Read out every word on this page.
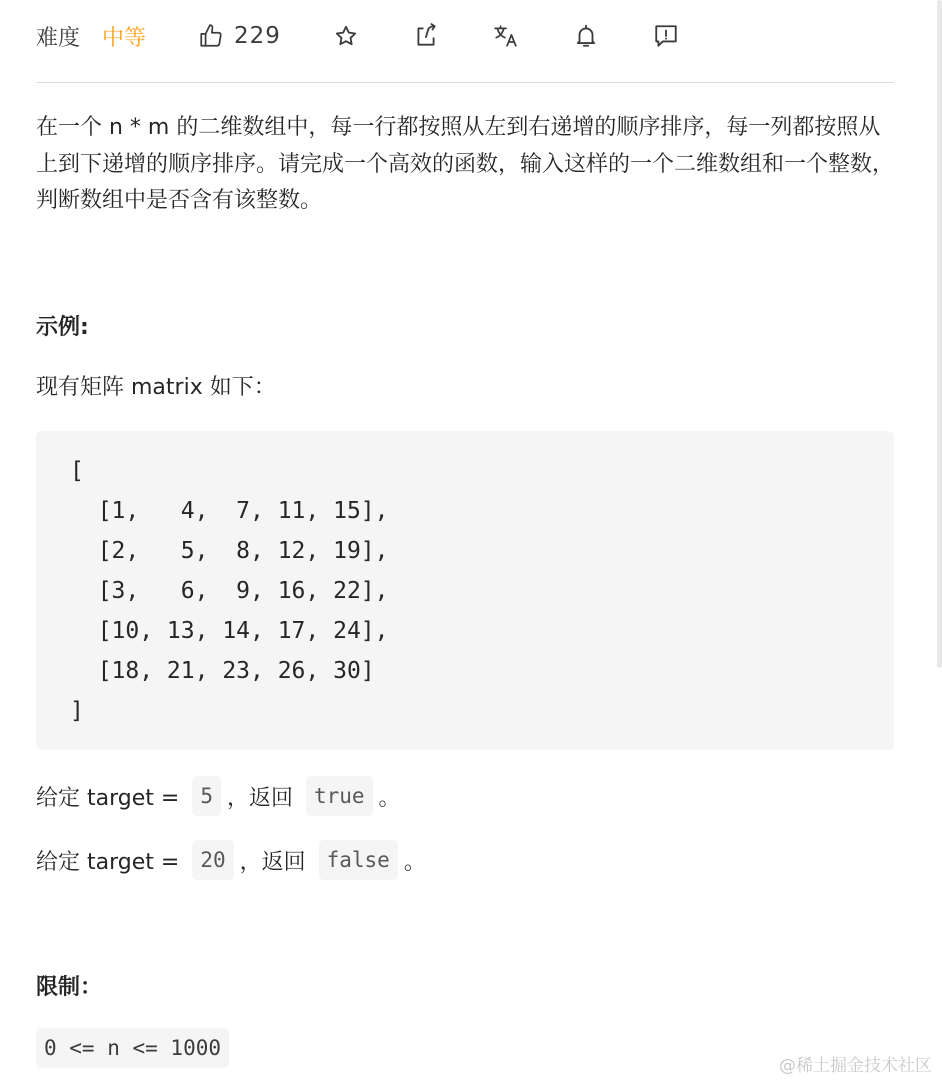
难度 中等	229
在一个 n * m 的二维数组中，每一行都按照从左到右递增的顺序排序，每一列都按照从上到下递增的顺序排序。请完成一个高效的函数，输入这样的一个二维数组和一个整数，判断数组中是否含有该整数。
示例:
现有矩阵 matrix 如下：
[
[1,   4,  7, 11, 15],
[2,   5,  8, 12, 19],
[3,   6,  9, 16, 22],
[10, 13, 14, 17, 24],
[18, 21, 23, 26, 30]
]
给定 target = 5 ，返回 true 。
给定 target = 20 ，返回 false 。
限制：
0 <= n <= 1000
@稀土掘金技术社区
